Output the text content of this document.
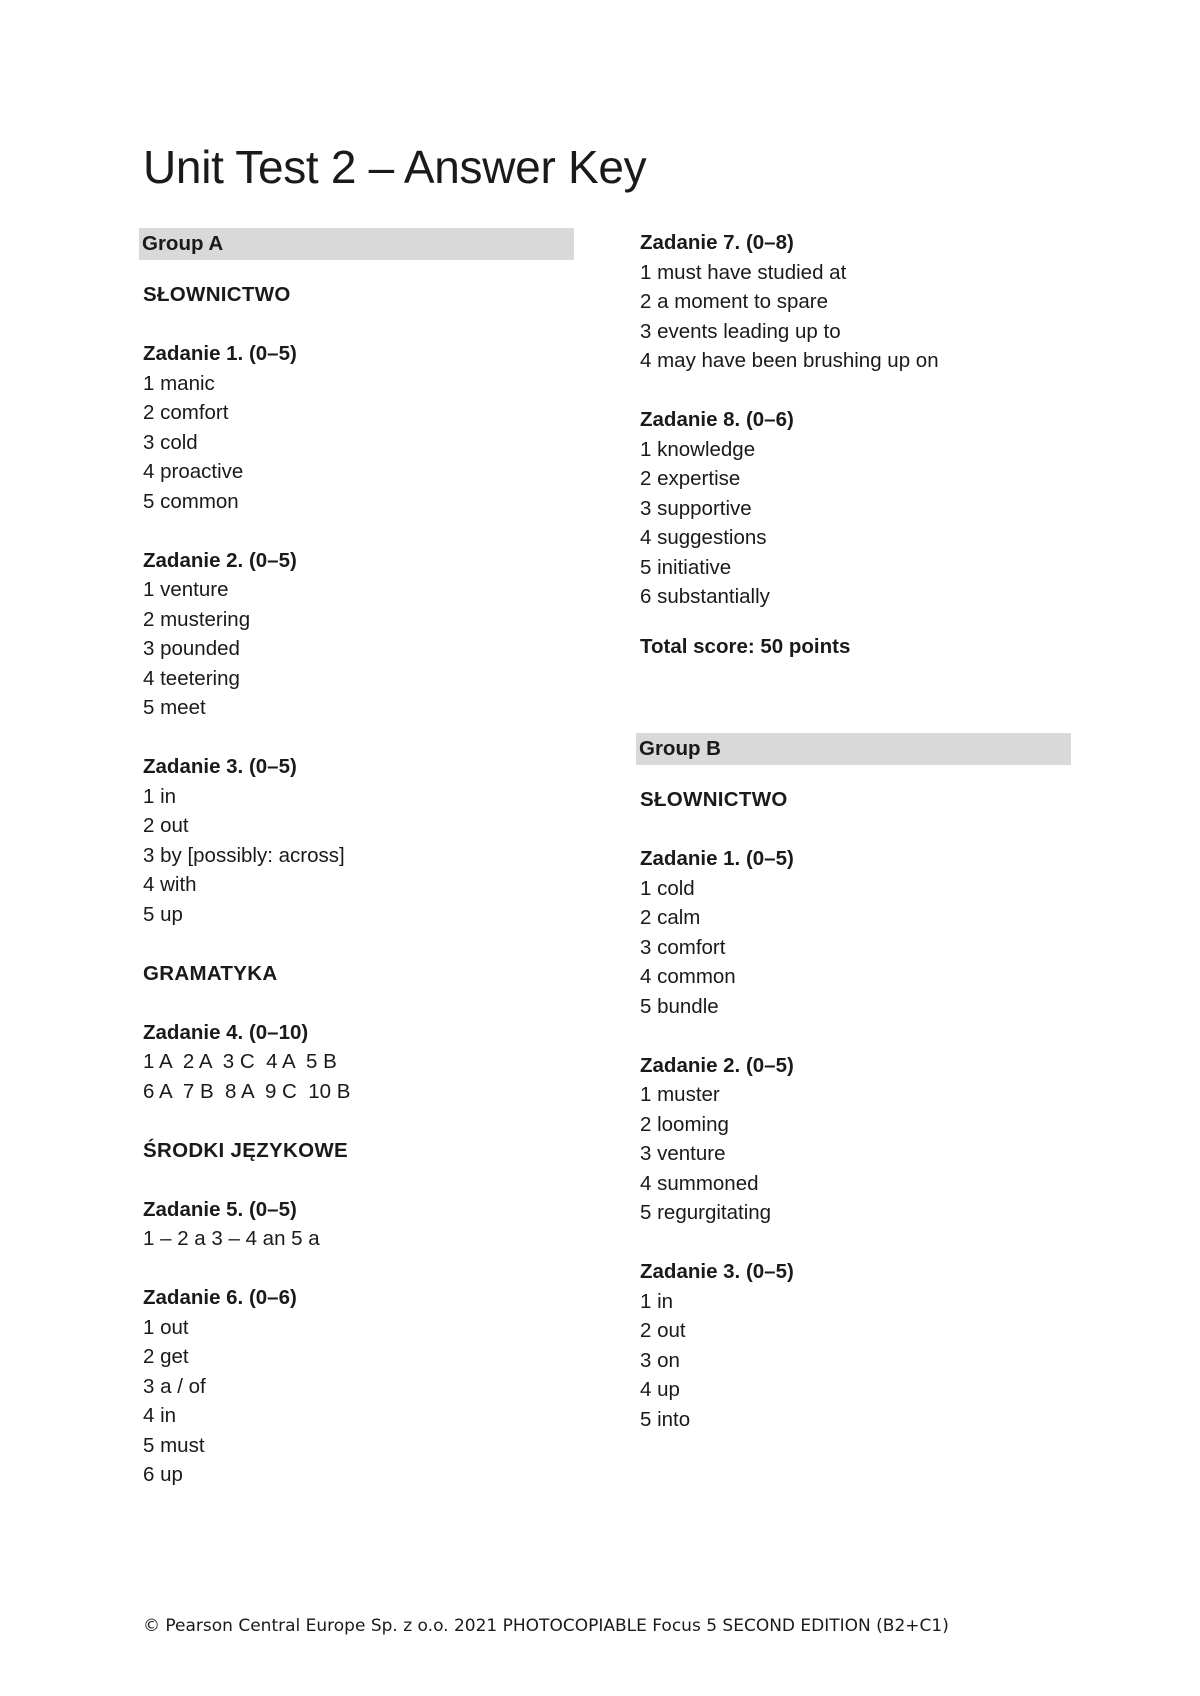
Unit Test 2 – Answer Key
Group A
SŁOWNICTWO
Zadanie 1. (0–5)
1 manic
2 comfort
3 cold
4 proactive
5 common
Zadanie 2. (0–5)
1 venture
2 mustering
3 pounded
4 teetering
5 meet
Zadanie 3. (0–5)
1 in
2 out
3 by [possibly: across]
4 with
5 up
GRAMATYKA
Zadanie 4. (0–10)
1 A  2 A  3 C  4 A  5 B
6 A  7 B  8 A  9 C  10 B
ŚRODKI JĘZYKOWE
Zadanie 5. (0–5)
1 – 2 a 3 – 4 an 5 a
Zadanie 6. (0–6)
1 out
2 get
3 a / of
4 in
5 must
6 up
Zadanie 7. (0–8)
1 must have studied at
2 a moment to spare
3 events leading up to
4 may have been brushing up on
Zadanie 8. (0–6)
1 knowledge
2 expertise
3 supportive
4 suggestions
5 initiative
6 substantially
Total score: 50 points
Group B
SŁOWNICTWO
Zadanie 1. (0–5)
1 cold
2 calm
3 comfort
4 common
5 bundle
Zadanie 2. (0–5)
1 muster
2 looming
3 venture
4 summoned
5 regurgitating
Zadanie 3. (0–5)
1 in
2 out
3 on
4 up
5 into
© Pearson Central Europe Sp. z o.o. 2021 PHOTOCOPIABLE Focus 5 SECOND EDITION (B2+C1)
